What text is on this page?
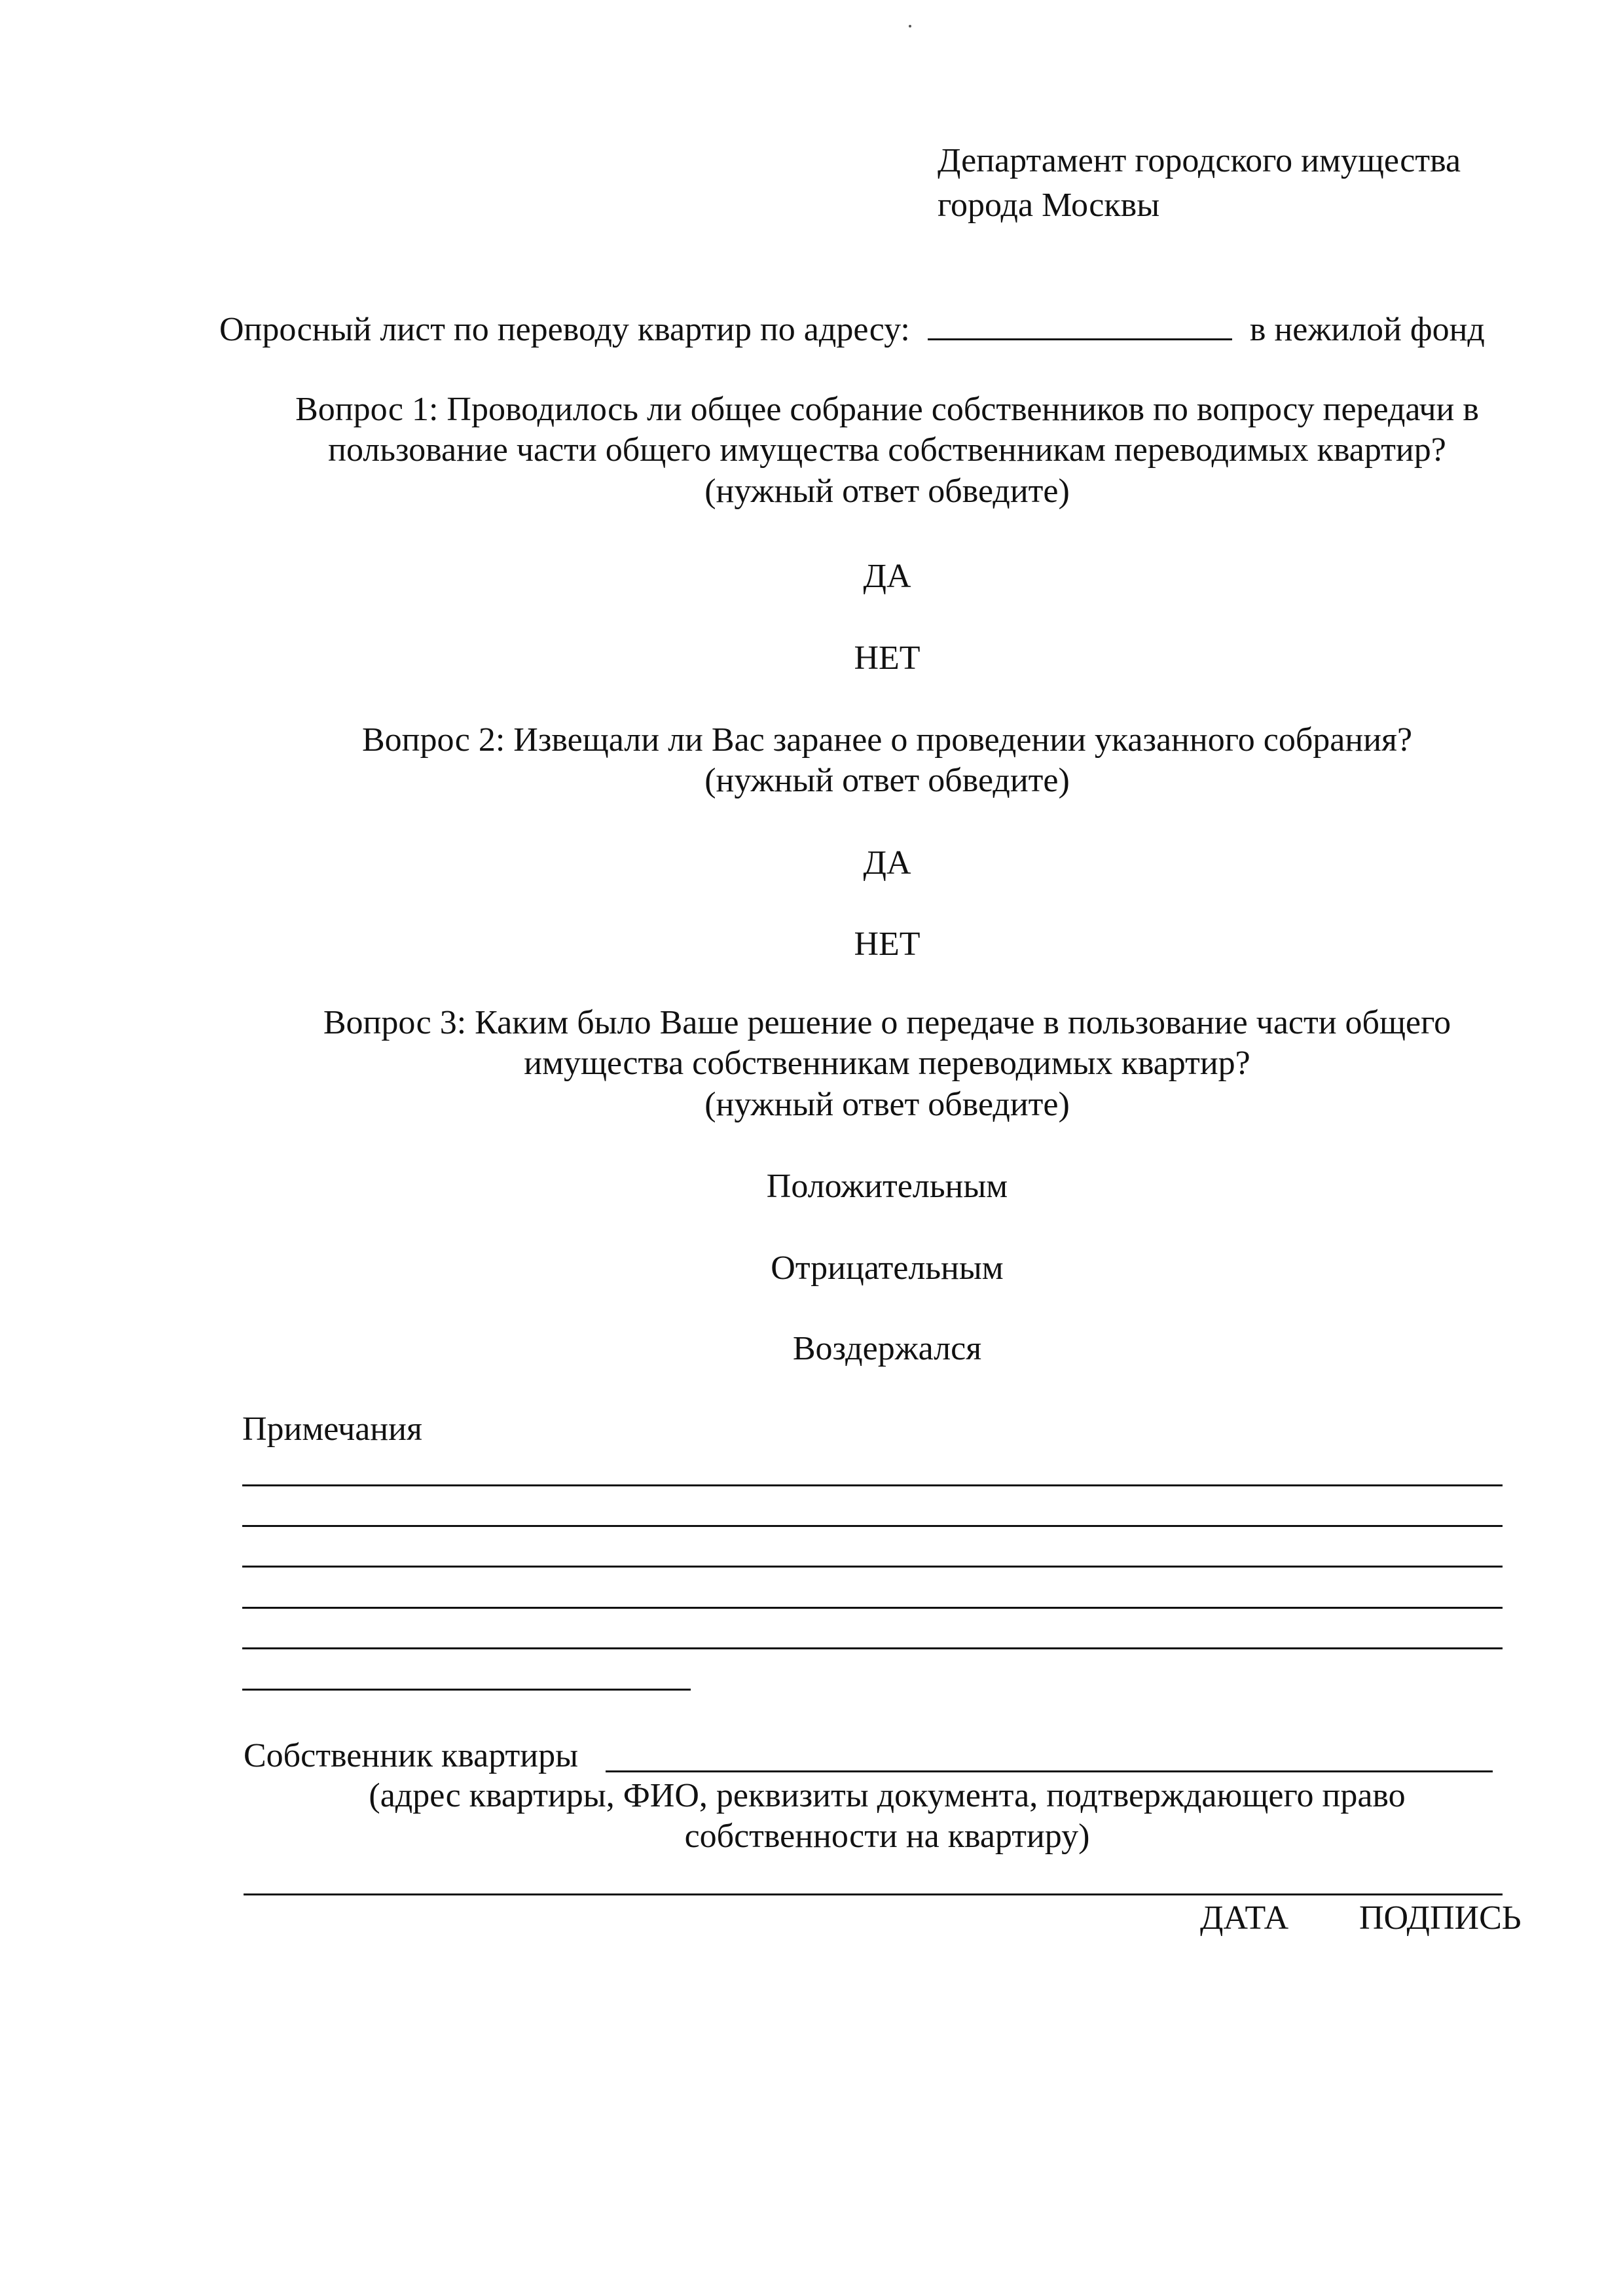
Департамент городского имущества
города Москвы
Опросный лист по переводу квартир по адресу:	в нежилой фонд
Вопрос 1: Проводилось ли общее собрание собственников по вопросу передачи в
пользование части общего имущества собственникам переводимых квартир?
(нужный ответ обведите)
ДА
НЕТ
Вопрос 2: Извещали ли Вас заранее о проведении указанного собрания?
(нужный ответ обведите)
ДА
НЕТ
Вопрос 3: Каким было Ваше решение о передаче в пользование части общего
имущества собственникам переводимых квартир?
(нужный ответ обведите)
Положительным
Отрицательным
Воздержался
Примечания
Собственник квартиры
(адрес квартиры, ФИО, реквизиты документа, подтверждающего право
собственности на квартиру)
ДАТА ПОДПИСЬ
